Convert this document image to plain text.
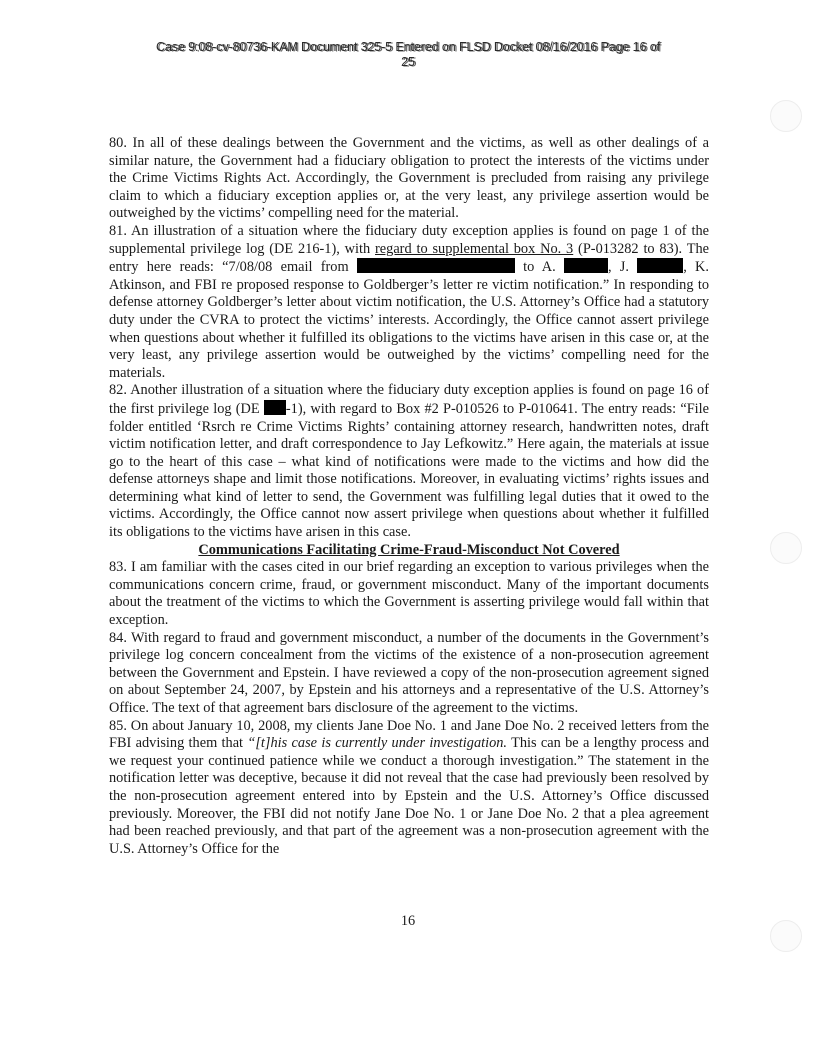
Case 9:08-cv-80736-KAM Document 325-5 Entered on FLSD Docket 08/16/2016 Page 16 of
25

80. In all of these dealings between the Government and the victims, as well as other dealings of a similar nature, the Government had a fiduciary obligation to protect the interests of the victims under the Crime Victims Rights Act. Accordingly, the Government is precluded from raising any privilege claim to which a fiduciary exception applies or, at the very least, any privilege assertion would be outweighed by the victims’ compelling need for the material.

81. An illustration of a situation where the fiduciary duty exception applies is found on page 1 of the supplemental privilege log (DE 216-1), with regard to supplemental box No. 3 (P-013282 to 83). The entry here reads: “7/08/08 email from	to A.	, J.	, K. Atkinson, and FBI re proposed response to Goldberger’s letter re victim notification.” In responding to defense attorney Goldberger’s letter about victim notification, the U.S. Attorney’s Office had a statutory duty under the CVRA to protect the victims’ interests. Accordingly, the Office cannot assert privilege when questions about whether it fulfilled its obligations to the victims have arisen in this case or, at the very least, any privilege assertion would be outweighed by the victims’ compelling need for the materials.

82. Another illustration of a situation where the fiduciary duty exception applies is found on page 16 of the first privilege log (DE -1), with regard to Box #2 P-010526 to P-010641. The entry reads: “File folder entitled ‘Rsrch re Crime Victims Rights’ containing attorney research, handwritten notes, draft victim notification letter, and draft correspondence to Jay Lefkowitz.” Here again, the materials at issue go to the heart of this case – what kind of notifications were made to the victims and how did the defense attorneys shape and limit those notifications. Moreover, in evaluating victims’ rights issues and determining what kind of letter to send, the Government was fulfilling legal duties that it owed to the victims. Accordingly, the Office cannot now assert privilege when questions about whether it fulfilled its obligations to the victims have arisen in this case.

Communications Facilitating Crime-Fraud-Misconduct Not Covered

83. I am familiar with the cases cited in our brief regarding an exception to various privileges when the communications concern crime, fraud, or government misconduct. Many of the important documents about the treatment of the victims to which the Government is asserting privilege would fall within that exception.

84. With regard to fraud and government misconduct, a number of the documents in the Government’s privilege log concern concealment from the victims of the existence of a non-prosecution agreement between the Government and Epstein. I have reviewed a copy of the non-prosecution agreement signed on about September 24, 2007, by Epstein and his attorneys and a representative of the U.S. Attorney’s Office. The text of that agreement bars disclosure of the agreement to the victims.

85. On about January 10, 2008, my clients Jane Doe No. 1 and Jane Doe No. 2 received letters from the FBI advising them that “[t]his case is currently under investigation. This can be a lengthy process and we request your continued patience while we conduct a thorough investigation.” The statement in the notification letter was deceptive, because it did not reveal that the case had previously been resolved by the non-prosecution agreement entered into by Epstein and the U.S. Attorney’s Office discussed previously. Moreover, the FBI did not notify Jane Doe No. 1 or Jane Doe No. 2 that a plea agreement had been reached previously, and that part of the agreement was a non-prosecution agreement with the U.S. Attorney’s Office for the

16
